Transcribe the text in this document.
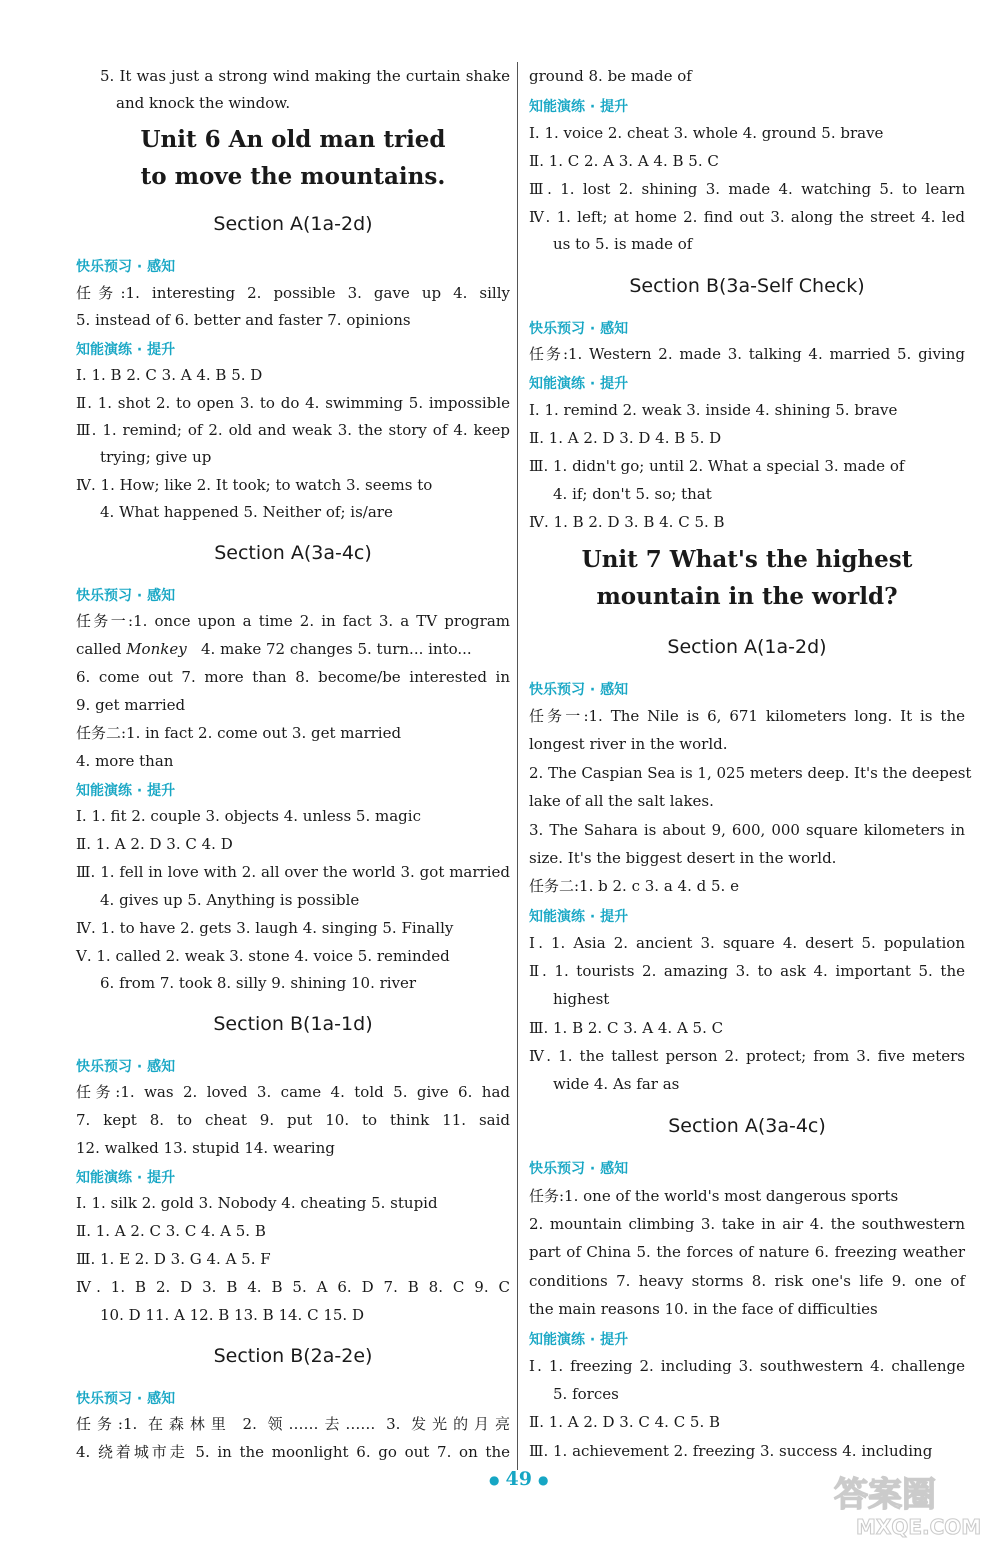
5. It was just a strong wind making the curtain shake
and knock the window.
Unit 6 An old man tried
to move the mountains.
Section A(1a-2d)
快乐预习 · 感知
任务:1. interesting 2. possible 3. gave up 4. silly
5. instead of 6. better and faster 7. opinions
知能演练 · 提升
Ⅰ. 1. B 2. C 3. A 4. B 5. D
Ⅱ. 1. shot 2. to open 3. to do 4. swimming 5. impossible
Ⅲ. 1. remind; of 2. old and weak 3. the story of 4. keep
trying; give up
Ⅳ. 1. How; like 2. It took; to watch 3. seems to
4. What happened 5. Neither of; is/are
Section A(3a-4c)
快乐预习 · 感知
任务一:1. once upon a time 2. in fact 3. a TV program
called Monkey 4. make 72 changes 5. turn... into...
6. come out 7. more than 8. become/be interested in
9. get married
任务二:1. in fact 2. come out 3. get married
4. more than
知能演练 · 提升
Ⅰ. 1. fit 2. couple 3. objects 4. unless 5. magic
Ⅱ. 1. A 2. D 3. C 4. D
Ⅲ. 1. fell in love with 2. all over the world 3. got married
4. gives up 5. Anything is possible
Ⅳ. 1. to have 2. gets 3. laugh 4. singing 5. Finally
Ⅴ. 1. called 2. weak 3. stone 4. voice 5. reminded
6. from 7. took 8. silly 9. shining 10. river
Section B(1a-1d)
快乐预习 · 感知
任务:1. was 2. loved 3. came 4. told 5. give 6. had
7. kept 8. to cheat 9. put 10. to think 11. said
12. walked 13. stupid 14. wearing
知能演练 · 提升
Ⅰ. 1. silk 2. gold 3. Nobody 4. cheating 5. stupid
Ⅱ. 1. A 2. C 3. C 4. A 5. B
Ⅲ. 1. E 2. D 3. G 4. A 5. F
Ⅳ. 1. B 2. D 3. B 4. B 5. A 6. D 7. B 8. C 9. C
10. D 11. A 12. B 13. B 14. C 15. D
Section B(2a-2e)
快乐预习 · 感知
任务:1. 在森林里 2. 领……去…… 3. 发光的月亮
4. 绕着城市走 5. in the moonlight 6. go out 7. on the
ground 8. be made of
知能演练 · 提升
Ⅰ. 1. voice 2. cheat 3. whole 4. ground 5. brave
Ⅱ. 1. C 2. A 3. A 4. B 5. C
Ⅲ. 1. lost 2. shining 3. made 4. watching 5. to learn
Ⅳ. 1. left; at home 2. find out 3. along the street 4. led
us to 5. is made of
Section B(3a-Self Check)
快乐预习 · 感知
任务:1. Western 2. made 3. talking 4. married 5. giving
知能演练 · 提升
Ⅰ. 1. remind 2. weak 3. inside 4. shining 5. brave
Ⅱ. 1. A 2. D 3. D 4. B 5. D
Ⅲ. 1. didn't go; until 2. What a special 3. made of
4. if; don't 5. so; that
Ⅳ. 1. B 2. D 3. B 4. C 5. B
Unit 7 What's the highest
mountain in the world?
Section A(1a-2d)
快乐预习 · 感知
任务一:1. The Nile is 6, 671 kilometers long. It is the
longest river in the world.
2. The Caspian Sea is 1, 025 meters deep. It's the deepest
lake of all the salt lakes.
3. The Sahara is about 9, 600, 000 square kilometers in
size. It's the biggest desert in the world.
任务二:1. b 2. c 3. a 4. d 5. e
知能演练 · 提升
Ⅰ. 1. Asia 2. ancient 3. square 4. desert 5. population
Ⅱ. 1. tourists 2. amazing 3. to ask 4. important 5. the
highest
Ⅲ. 1. B 2. C 3. A 4. A 5. C
Ⅳ. 1. the tallest person 2. protect; from 3. five meters
wide 4. As far as
Section A(3a-4c)
快乐预习 · 感知
任务:1. one of the world's most dangerous sports
2. mountain climbing 3. take in air 4. the southwestern
part of China 5. the forces of nature 6. freezing weather
conditions 7. heavy storms 8. risk one's life 9. one of
the main reasons 10. in the face of difficulties
知能演练 · 提升
Ⅰ. 1. freezing 2. including 3. southwestern 4. challenge
5. forces
Ⅱ. 1. A 2. D 3. C 4. C 5. B
Ⅲ. 1. achievement 2. freezing 3. success 4. including
● 49 ●	答案圈
MXQE.COM
